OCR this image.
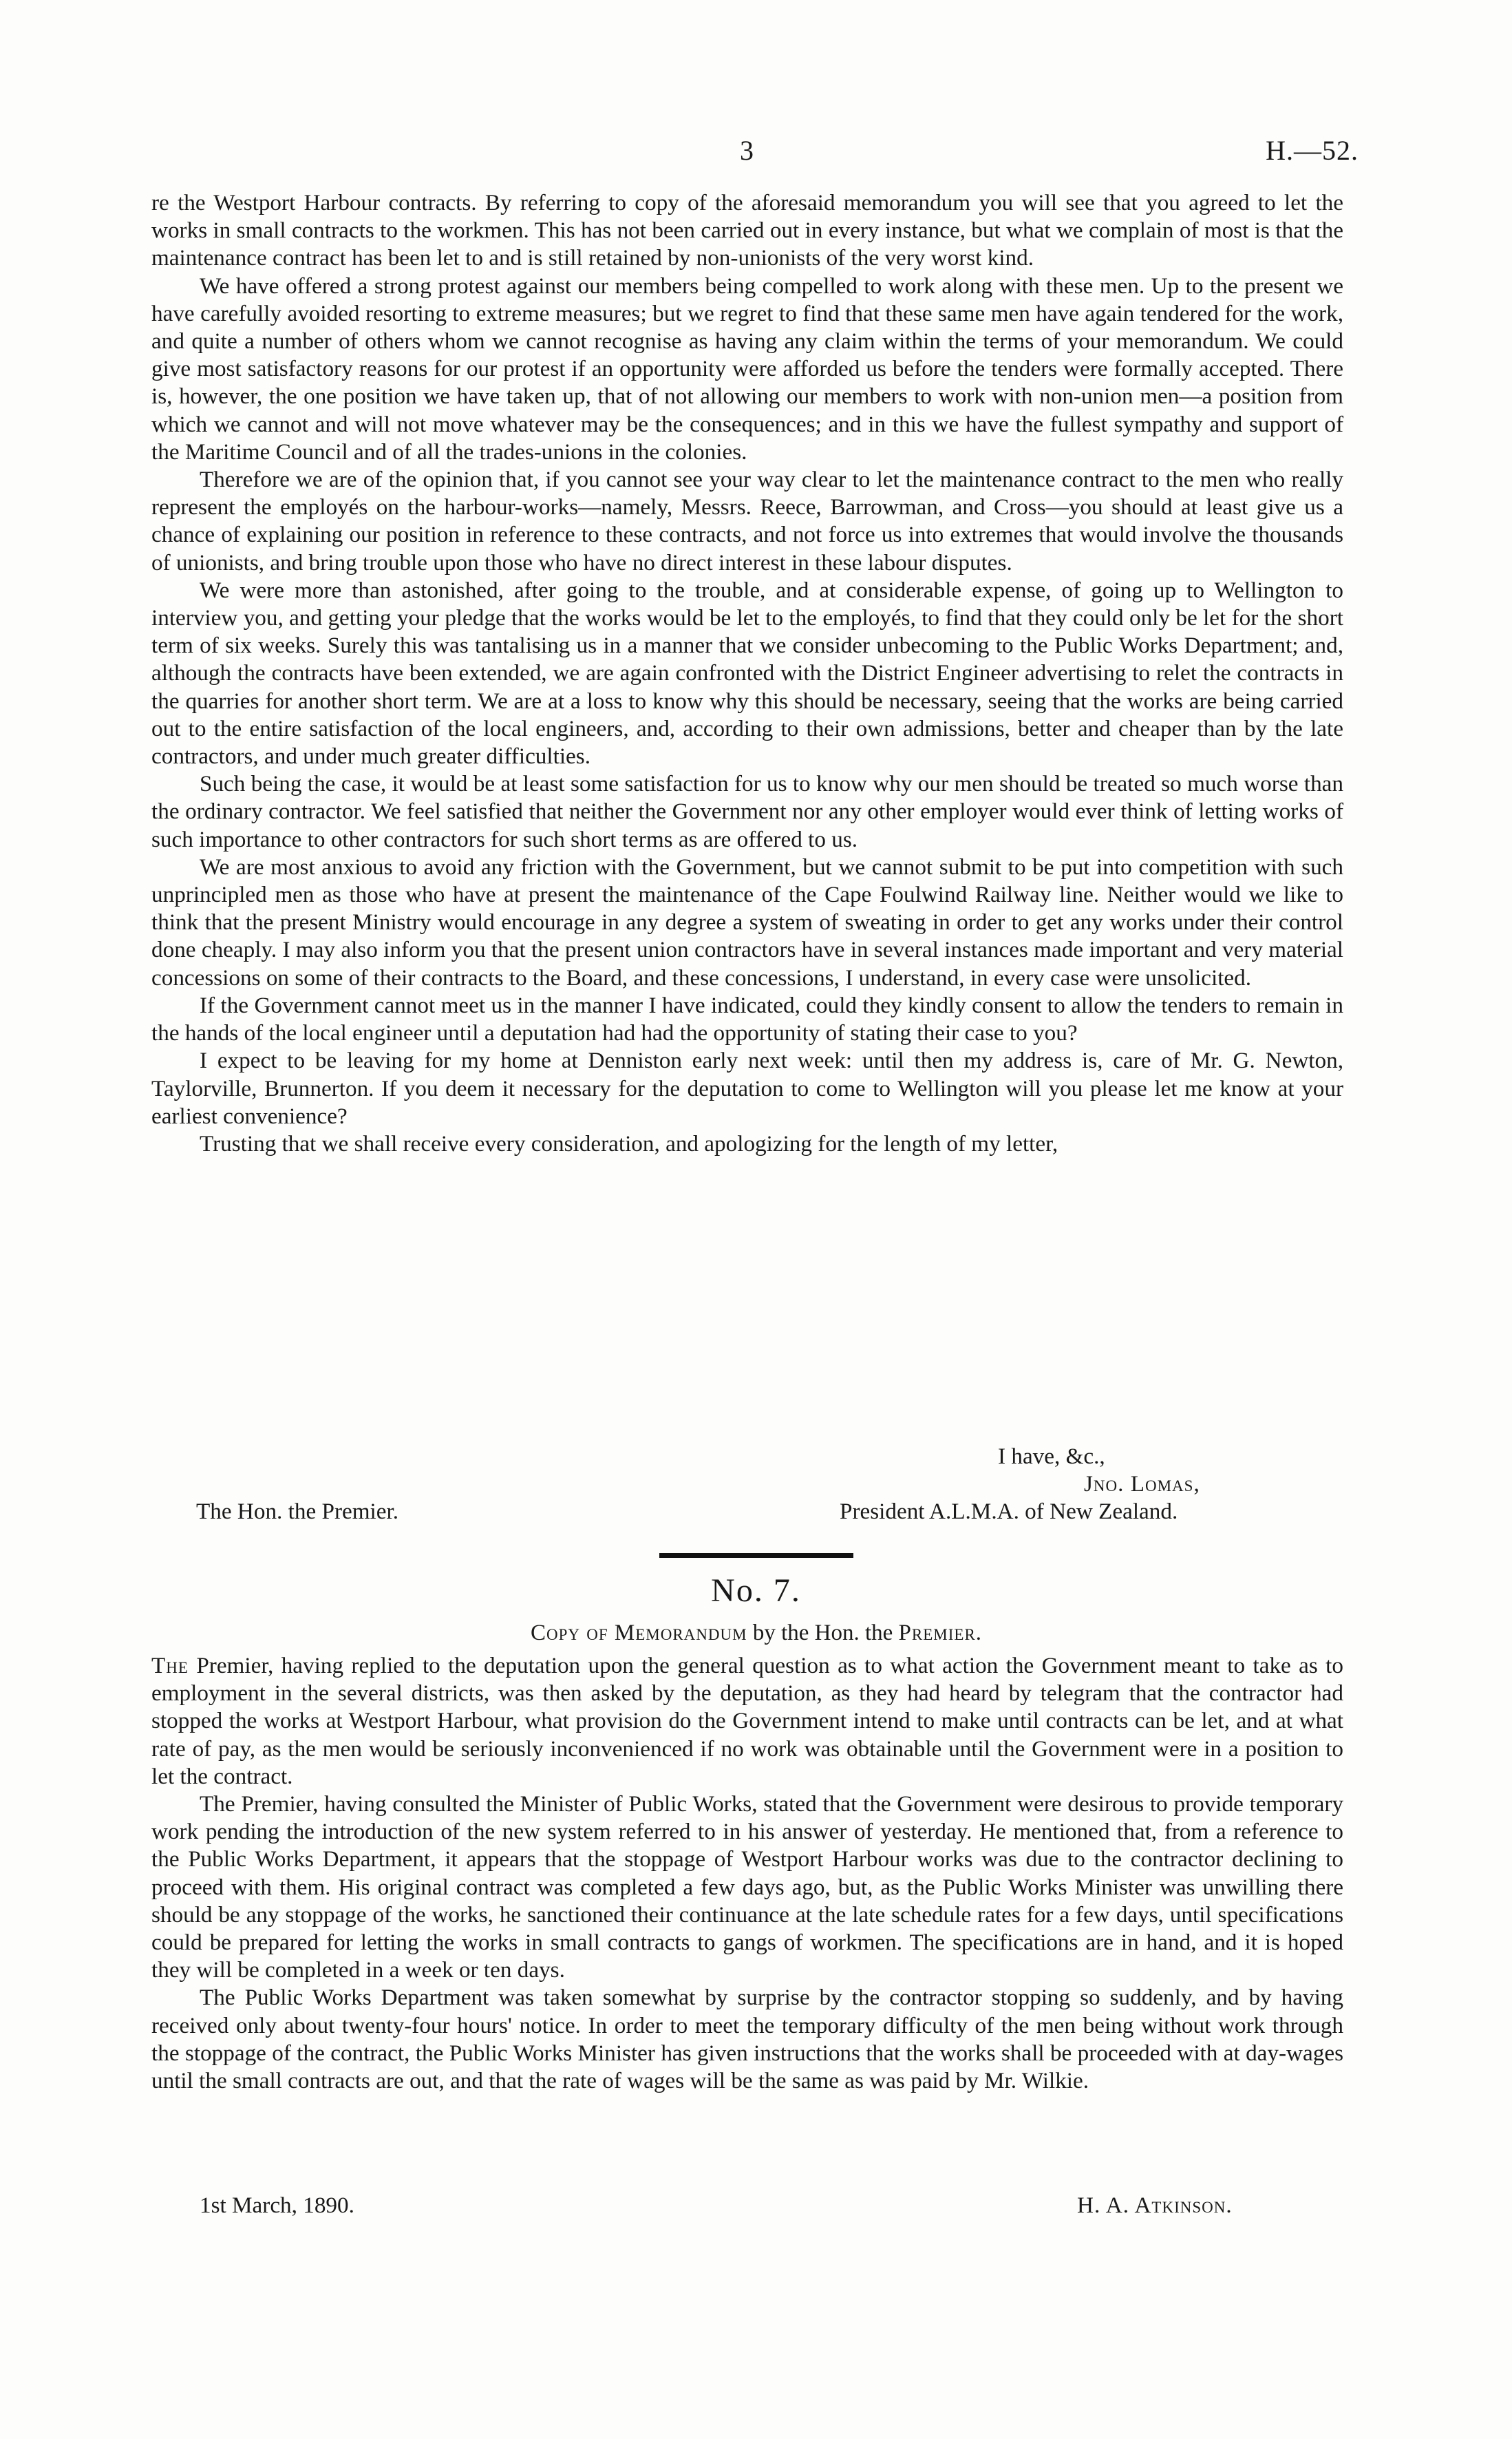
3	H.—52.

re the Westport Harbour contracts. By referring to copy of the aforesaid memorandum you will see that you agreed to let the works in small contracts to the workmen. This has not been carried out in every instance, but what we complain of most is that the maintenance contract has been let to and is still retained by non-unionists of the very worst kind.

We have offered a strong protest against our members being compelled to work along with these men. Up to the present we have carefully avoided resorting to extreme measures; but we regret to find that these same men have again tendered for the work, and quite a number of others whom we cannot recognise as having any claim within the terms of your memorandum. We could give most satisfactory reasons for our protest if an opportunity were afforded us before the tenders were formally accepted. There is, however, the one position we have taken up, that of not allowing our members to work with non-union men—a position from which we cannot and will not move whatever may be the consequences; and in this we have the fullest sympathy and support of the Maritime Council and of all the trades-unions in the colonies.

Therefore we are of the opinion that, if you cannot see your way clear to let the maintenance contract to the men who really represent the employés on the harbour-works—namely, Messrs. Reece, Barrowman, and Cross—you should at least give us a chance of explaining our position in reference to these contracts, and not force us into extremes that would involve the thousands of unionists, and bring trouble upon those who have no direct interest in these labour disputes.

We were more than astonished, after going to the trouble, and at considerable expense, of going up to Wellington to interview you, and getting your pledge that the works would be let to the employés, to find that they could only be let for the short term of six weeks. Surely this was tantalising us in a manner that we consider unbecoming to the Public Works Department; and, although the contracts have been extended, we are again confronted with the District Engineer advertising to relet the contracts in the quarries for another short term. We are at a loss to know why this should be necessary, seeing that the works are being carried out to the entire satisfaction of the local engineers, and, according to their own admissions, better and cheaper than by the late contractors, and under much greater difficulties.

Such being the case, it would be at least some satisfaction for us to know why our men should be treated so much worse than the ordinary contractor. We feel satisfied that neither the Government nor any other employer would ever think of letting works of such importance to other contractors for such short terms as are offered to us.

We are most anxious to avoid any friction with the Government, but we cannot submit to be put into competition with such unprincipled men as those who have at present the maintenance of the Cape Foulwind Railway line. Neither would we like to think that the present Ministry would encourage in any degree a system of sweating in order to get any works under their control done cheaply. I may also inform you that the present union contractors have in several instances made important and very material concessions on some of their contracts to the Board, and these concessions, I understand, in every case were unsolicited.

If the Government cannot meet us in the manner I have indicated, could they kindly consent to allow the tenders to remain in the hands of the local engineer until a deputation had had the opportunity of stating their case to you?

I expect to be leaving for my home at Denniston early next week: until then my address is, care of Mr. G. Newton, Taylorville, Brunnerton. If you deem it necessary for the deputation to come to Wellington will you please let me know at your earliest convenience?

Trusting that we shall receive every consideration, and apologizing for the length of my letter,

I have, &c.,
Jno. Lomas,
The Hon. the Premier.	President A.L.M.A. of New Zealand.
No. 7.
Copy of Memorandum by the Hon. the Premier.

The Premier, having replied to the deputation upon the general question as to what action the Government meant to take as to employment in the several districts, was then asked by the deputation, as they had heard by telegram that the contractor had stopped the works at Westport Harbour, what provision do the Government intend to make until contracts can be let, and at what rate of pay, as the men would be seriously inconvenienced if no work was obtainable until the Government were in a position to let the contract.

The Premier, having consulted the Minister of Public Works, stated that the Government were desirous to provide temporary work pending the introduction of the new system referred to in his answer of yesterday. He mentioned that, from a reference to the Public Works Department, it appears that the stoppage of Westport Harbour works was due to the contractor declining to proceed with them. His original contract was completed a few days ago, but, as the Public Works Minister was unwilling there should be any stoppage of the works, he sanctioned their continuance at the late schedule rates for a few days, until specifications could be prepared for letting the works in small contracts to gangs of workmen. The specifications are in hand, and it is hoped they will be completed in a week or ten days.

The Public Works Department was taken somewhat by surprise by the contractor stopping so suddenly, and by having received only about twenty-four hours' notice. In order to meet the temporary difficulty of the men being without work through the stoppage of the contract, the Public Works Minister has given instructions that the works shall be proceeded with at day-wages until the small contracts are out, and that the rate of wages will be the same as was paid by Mr. Wilkie.

1st March, 1890.	H. A. Atkinson.
